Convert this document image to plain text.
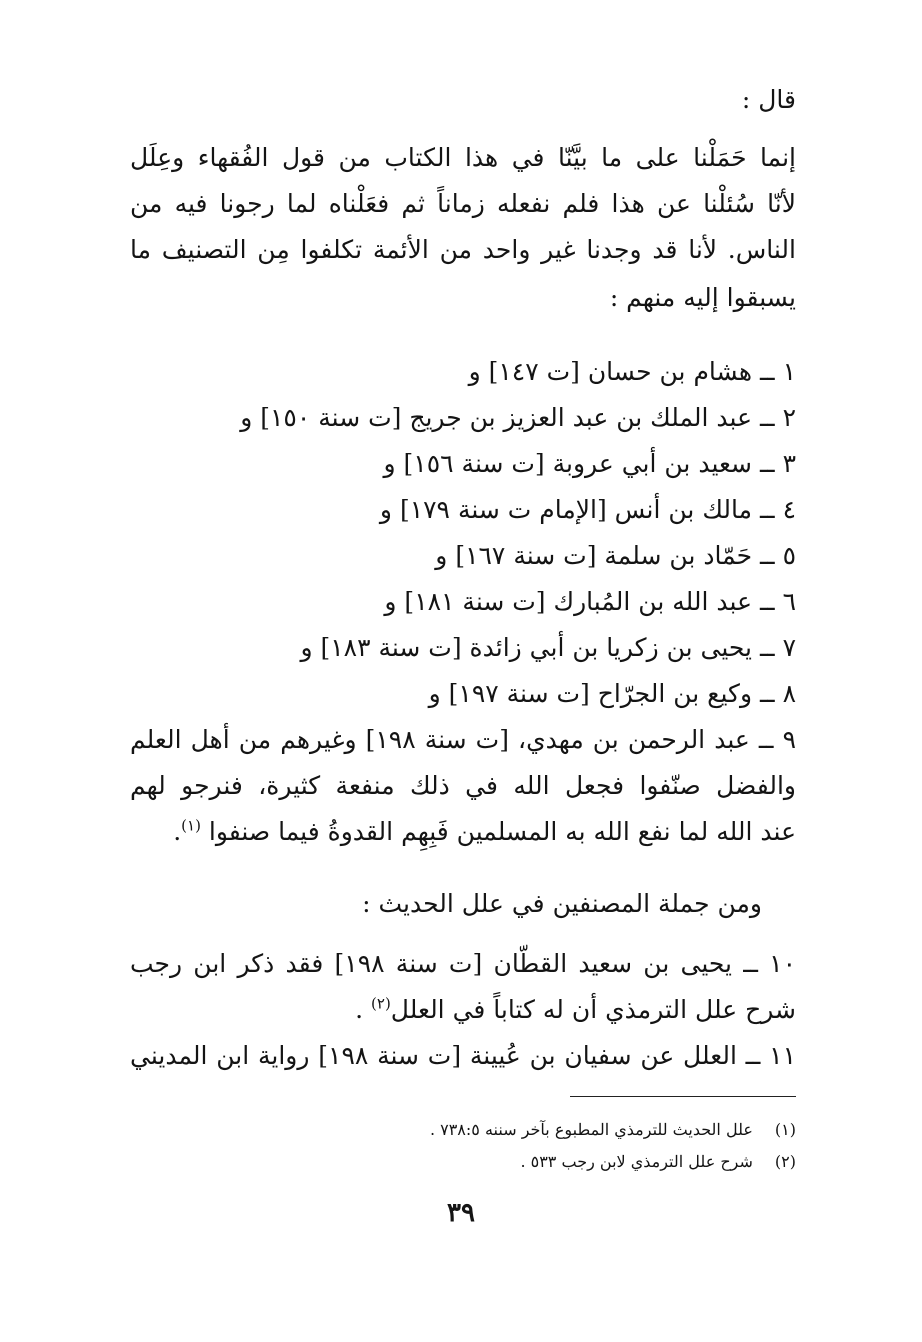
قال :
إنما حَمَلْنا على ما بيَّنّا في هذا الكتاب من قول الفُقهاء وعِلَل
لأنّا سُئلْنا عن هذا فلم نفعله زماناً ثم فعَلْناه لما رجونا فيه من
الناس. لأنا قد وجدنا غير واحد من الأئمة تكلفوا مِن التصنيف ما
يسبقوا إليه منهم :
١ ــ هشام بن حسان [ت ١٤٧] و
٢ ــ عبد الملك بن عبد العزيز بن جريج [ت سنة ١٥٠] و
٣ ــ سعيد بن أبي عروبة [ت سنة ١٥٦] و
٤ ــ مالك بن أنس [الإمام ت سنة ١٧٩] و
٥ ــ حَمّاد بن سلمة [ت سنة ١٦٧] و
٦ ــ عبد الله بن المُبارك [ت سنة ١٨١] و
٧ ــ يحيى بن زكريا بن أبي زائدة [ت سنة ١٨٣] و
٨ ــ وكيع بن الجرّاح [ت سنة ١٩٧] و
٩ ــ عبد الرحمن بن مهدي، [ت سنة ١٩٨] وغيرهم من أهل العلم
والفضل صنّفوا فجعل الله في ذلك منفعة كثيرة، فنرجو لهم
عند الله لما نفع الله به المسلمين فَبِهِم القدوةُ فيما صنفوا $^{(١)}$.
ومن جملة المصنفين في علل الحديث :
١٠ ــ يحيى بن سعيد القطّان [ت سنة ١٩٨] فقد ذكر ابن رجب
شرح علل الترمذي أن له كتاباً في العلل$^{(٢)}$ .
١١ ــ العلل عن سفيان بن عُيينة [ت سنة ١٩٨] رواية ابن المديني
(١)علل الحديث للترمذي المطبوع بآخر سننه ٧٣٨:٥ .
(٢)شرح علل الترمذي لابن رجب ٥٣٣ .
٣٩
